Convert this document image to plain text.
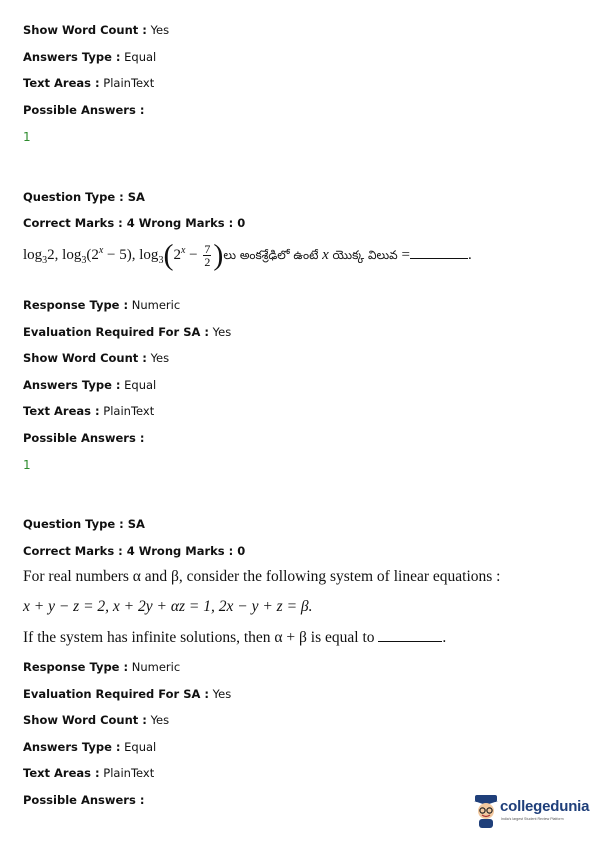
Show Word Count : Yes
Answers Type : Equal
Text Areas : PlainText
Possible Answers :
1
Question Type : SA
Correct Marks : 4 Wrong Marks : 0
$\log_32$, $\log_3(2^x - 5)$, $\log_3(2^x - \frac{7}{2}$ )లు అంకశ్రేఢిలో ఉంటే x యొక్క విలువ =	.
Response Type : Numeric
Evaluation Required For SA : Yes
Show Word Count : Yes
Answers Type : Equal
Text Areas : PlainText
Possible Answers :
1
Question Type : SA
Correct Marks : 4 Wrong Marks : 0
For real numbers α and β, consider the following system of linear equations :
x + y − z = 2, x + 2y + αz = 1, 2x − y + z = β.
If the system has infinite solutions, then α + β is equal to	.
Response Type : Numeric
Evaluation Required For SA : Yes
Show Word Count : Yes
Answers Type : Equal
Text Areas : PlainText
Possible Answers :	collegedunia
India's largest Student Review Platform
